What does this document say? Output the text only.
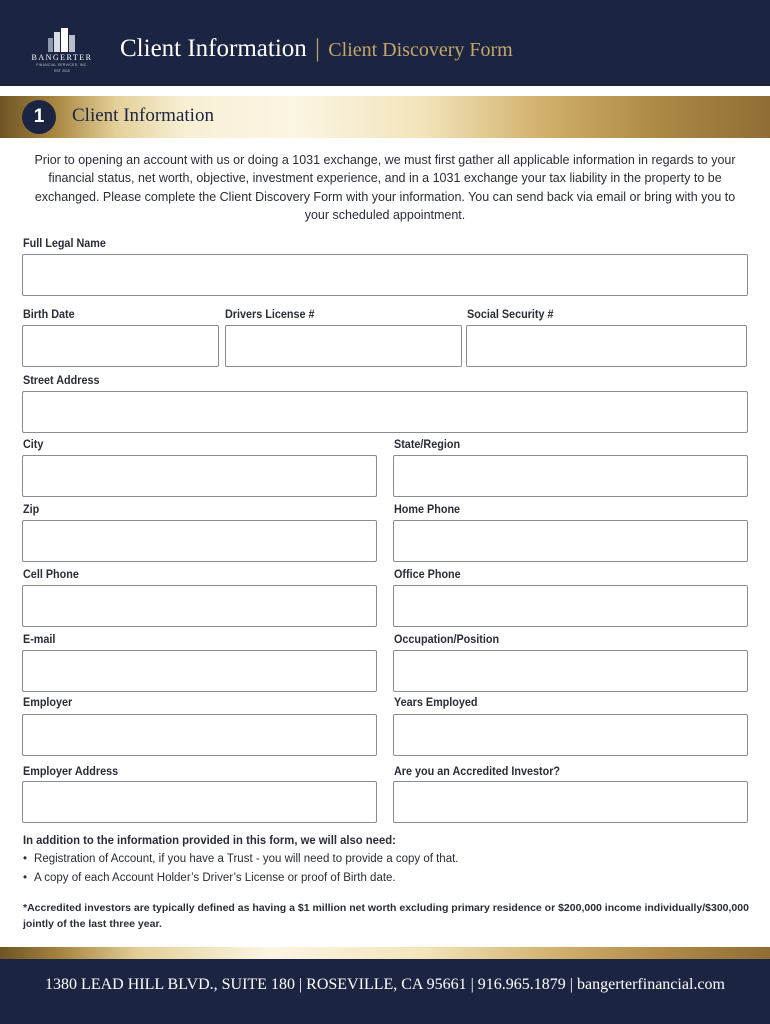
BANGERTER
FINANCIAL SERVICES, INC.
EST. 2010
Client Information | Client Discovery Form
1	Client Information
Prior to opening an account with us or doing a 1031 exchange, we must first gather all applicable information in regards to your financial status, net worth, objective, investment experience, and in a 1031 exchange your tax liability in the property to be exchanged. Please complete the Client Discovery Form with your information. You can send back via email or bring with you to your scheduled appointment.
Full Legal Name
Birth Date	Drivers License #	Social Security #
Street Address
City	State/Region
Zip	Home Phone
Cell Phone	Office Phone
E-mail	Occupation/Position
Employer	Years Employed
Employer Address	Are you an Accredited Investor?
In addition to the information provided in this form, we will also need:
• Registration of Account, if you have a Trust - you will need to provide a copy of that.
• A copy of each Account Holder’s Driver’s License or proof of Birth date.
*Accredited investors are typically defined as having a $1 million net worth excluding primary residence or $200,000 income individually/$300,000 jointly of the last three year.
1380 LEAD HILL BLVD., SUITE 180 | ROSEVILLE, CA 95661 | 916.965.1879 | bangerterfinancial.com
